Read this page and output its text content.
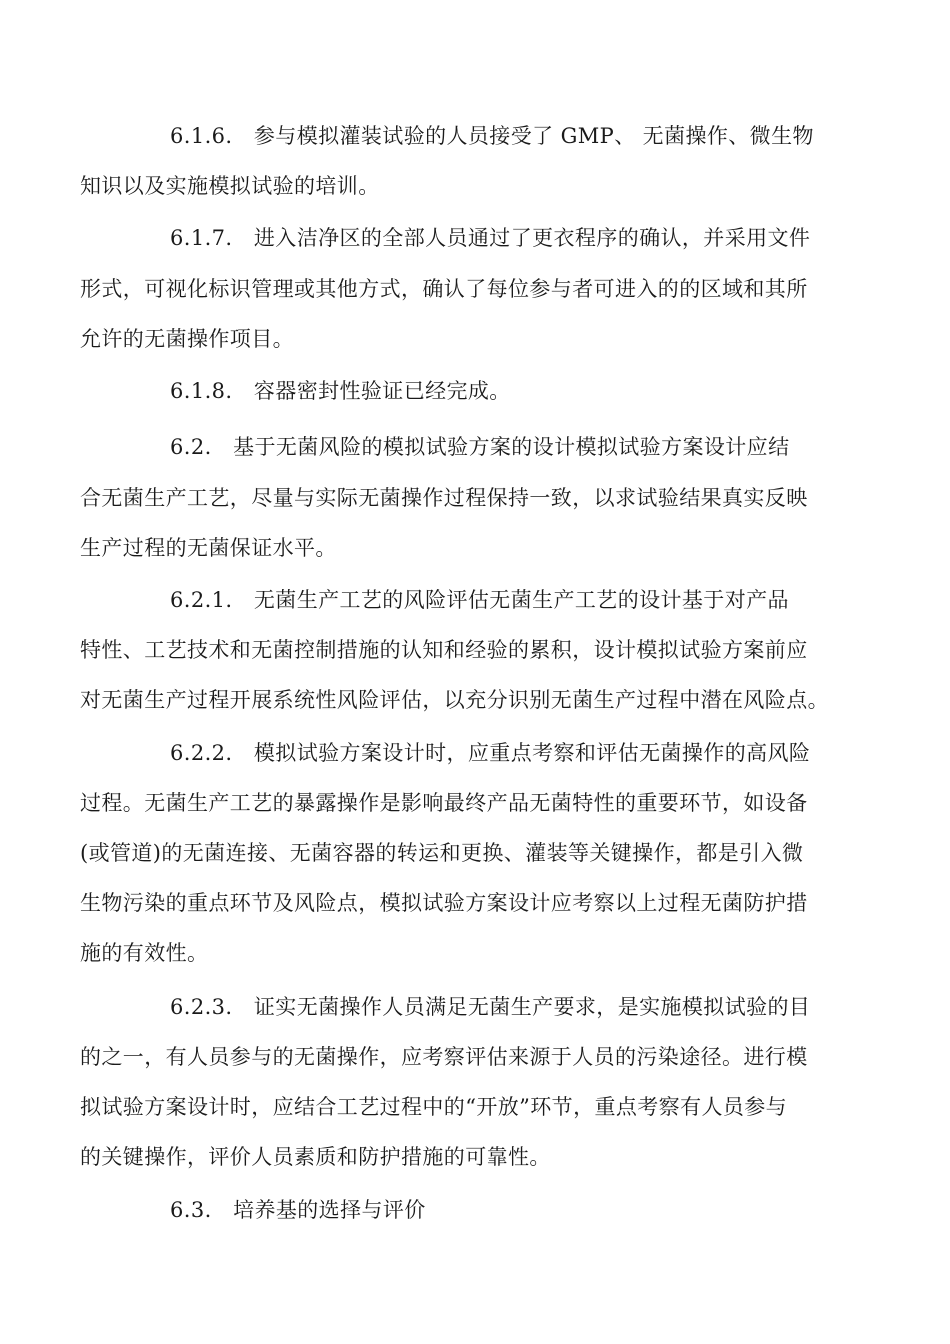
6.1.6.　参与模拟灌装试验的人员接受了 GMP、 无菌操作、微生物
知识以及实施模拟试验的培训。
6.1.7.　进入洁净区的全部人员通过了更衣程序的确认，并采用文件
形式，可视化标识管理或其他方式，确认了每位参与者可进入的的区域和其所
允许的无菌操作项目。
6.1.8.　容器密封性验证已经完成。
6.2.　基于无菌风险的模拟试验方案的设计模拟试验方案设计应结
合无菌生产工艺，尽量与实际无菌操作过程保持一致，以求试验结果真实反映
生产过程的无菌保证水平。
6.2.1.　无菌生产工艺的风险评估无菌生产工艺的设计基于对产品
特性、工艺技术和无菌控制措施的认知和经验的累积，设计模拟试验方案前应
对无菌生产过程开展系统性风险评估，以充分识别无菌生产过程中潜在风险点。
6.2.2.　模拟试验方案设计时，应重点考察和评估无菌操作的高风险
过程。无菌生产工艺的暴露操作是影响最终产品无菌特性的重要环节，如设备
(或管道)的无菌连接、无菌容器的转运和更换、灌装等关键操作，都是引入微
生物污染的重点环节及风险点，模拟试验方案设计应考察以上过程无菌防护措
施的有效性。
6.2.3.　证实无菌操作人员满足无菌生产要求，是实施模拟试验的目
的之一，有人员参与的无菌操作，应考察评估来源于人员的污染途径。进行模
拟试验方案设计时，应结合工艺过程中的“开放”环节，重点考察有人员参与
的关键操作，评价人员素质和防护措施的可靠性。
6.3.　培养基的选择与评价
